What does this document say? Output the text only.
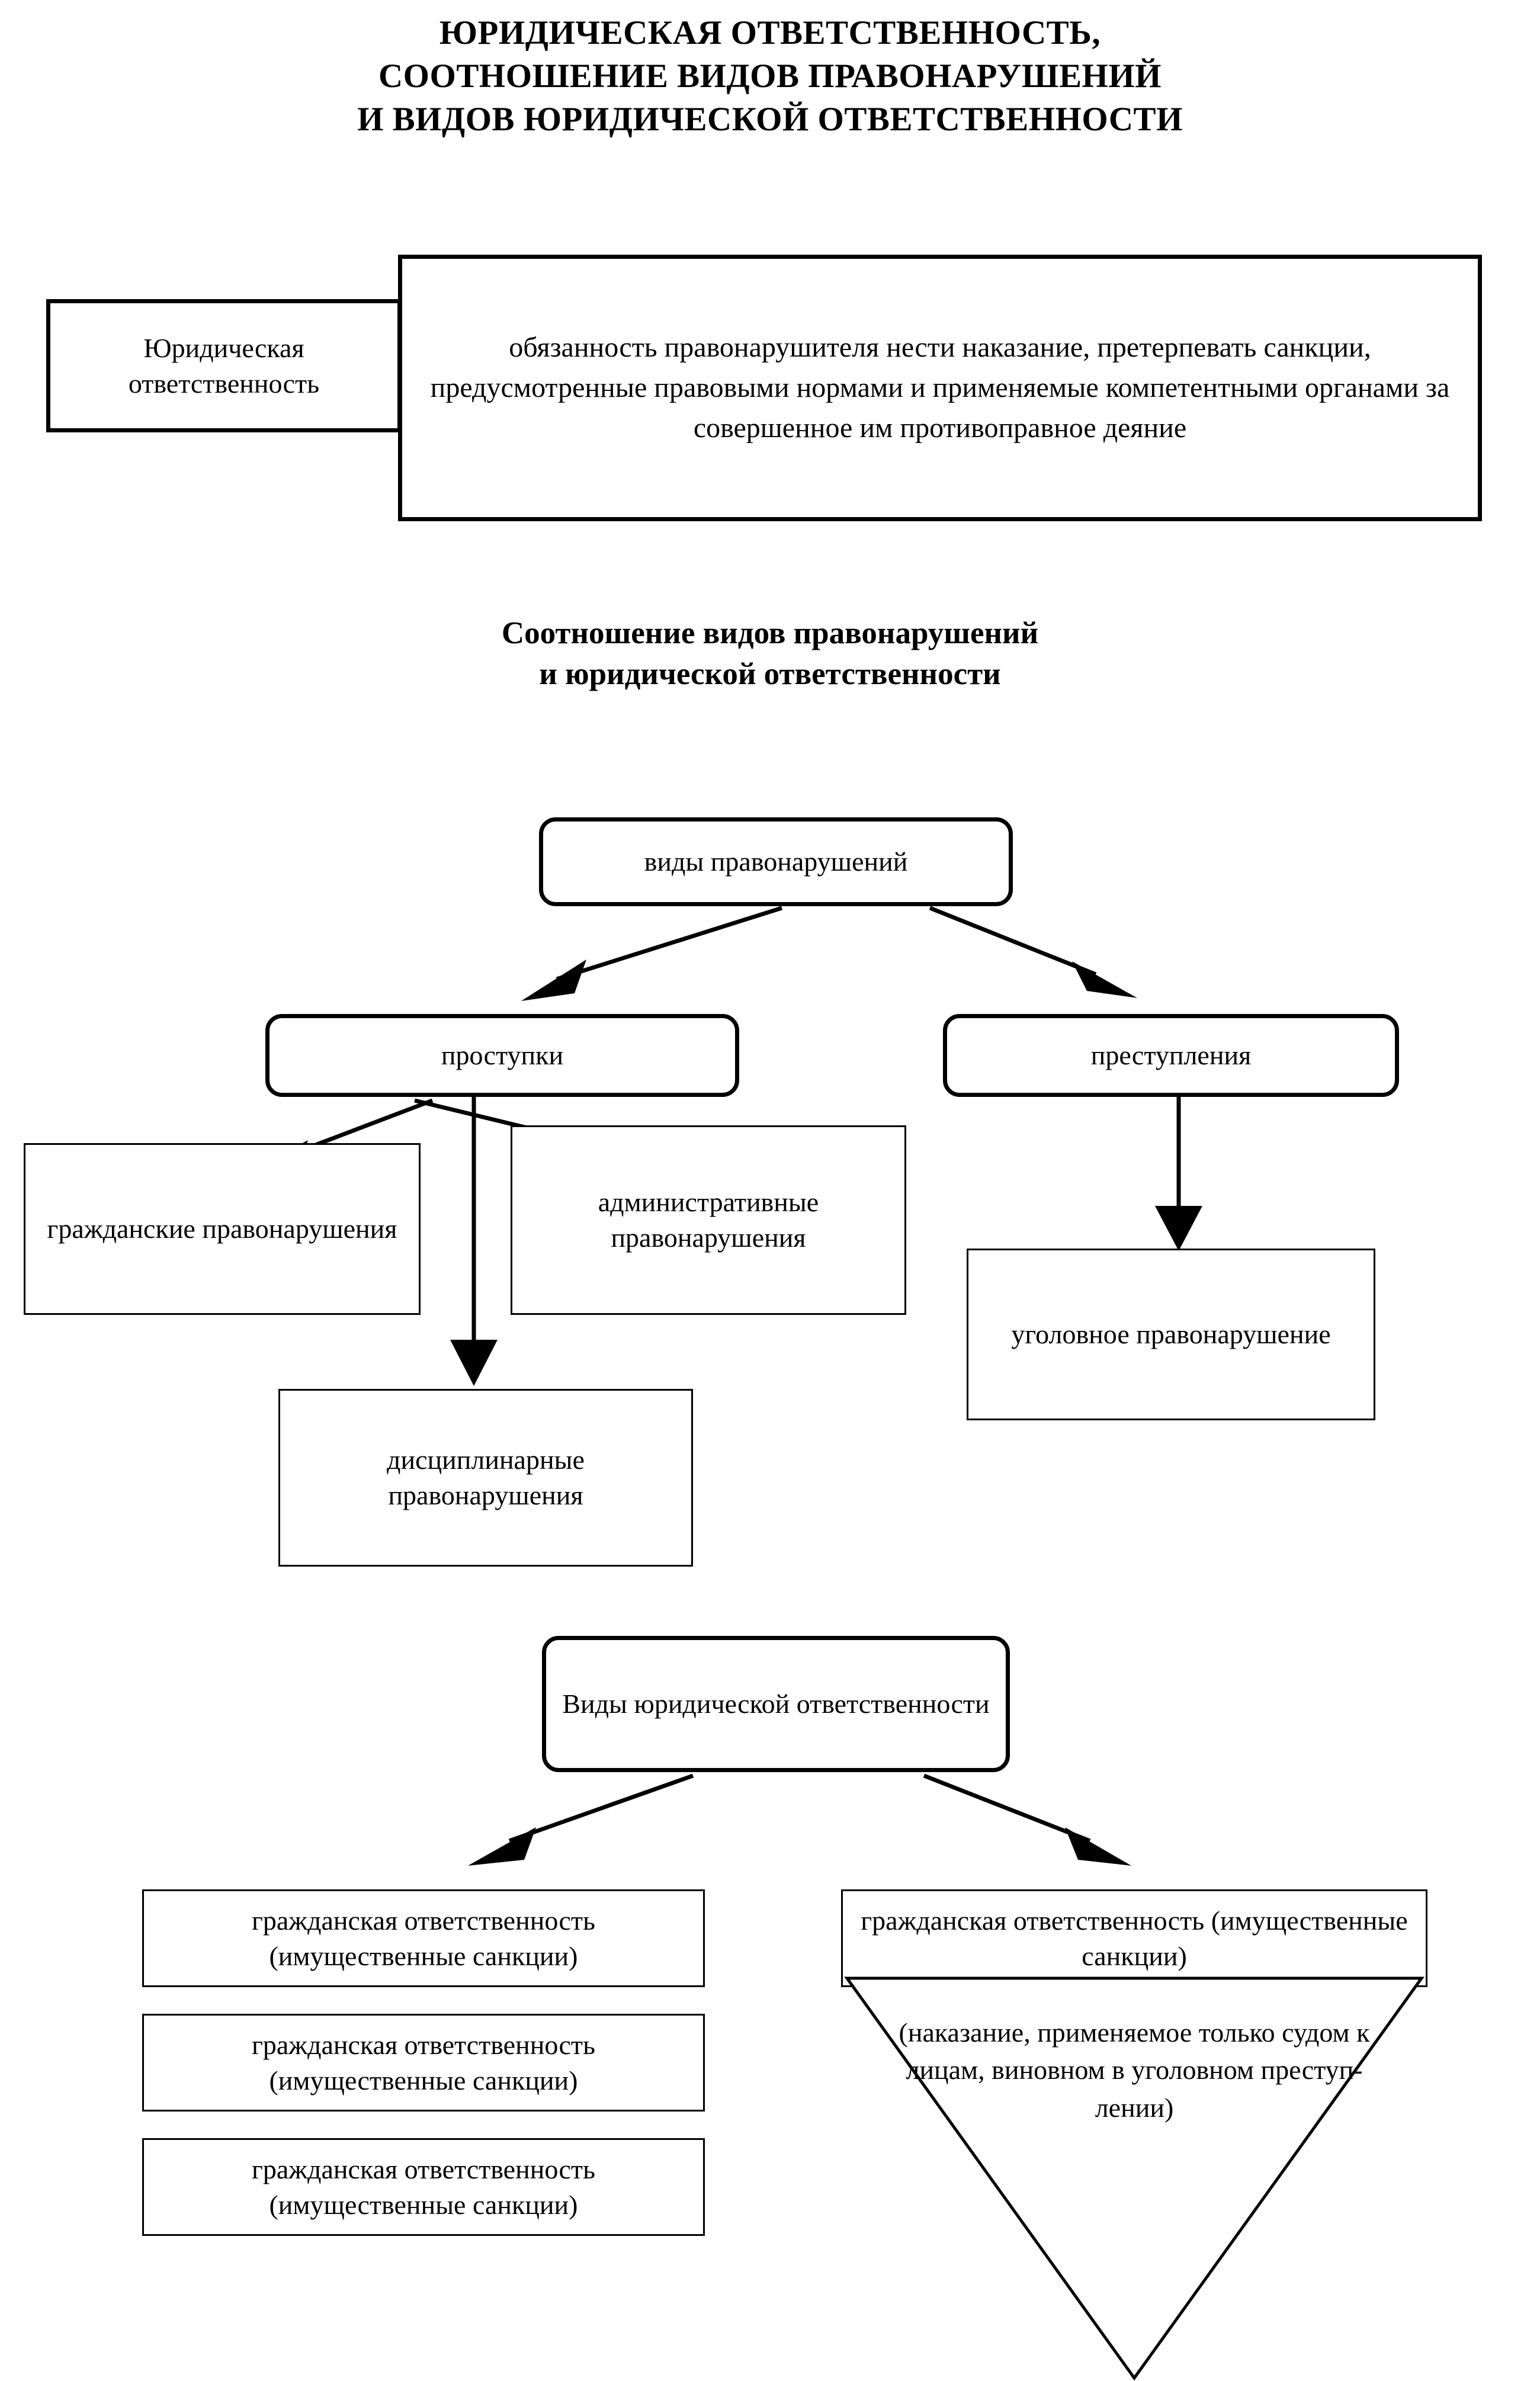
ЮРИДИЧЕСКАЯ ОТВЕТСТВЕННОСТЬ,
СООТНОШЕНИЕ ВИДОВ ПРАВОНАРУШЕНИЙ
И ВИДОВ ЮРИДИЧЕСКОЙ ОТВЕТСТВЕННОСТИ
Юридическая ответственность
обязанность правонарушителя нести наказание, претерпевать санкции, предусмотренные правовыми нормами и применяемые компетентными органами за совершенное им противоправное деяние
Соотношение видов правонарушений
и юридической ответственности
виды правонарушений
проступки	преступления
гражданские правонарушения
административные правонарушения
дисциплинарные правонарушения
уголовное правонарушение
Виды юридической ответственности
гражданская ответственность (имущественные санкции)
гражданская ответственность (имущественные санкции)
гражданская ответственность (имущественные санкции)
гражданская ответственность (имущественные санкции)
(наказание, применяемое только судом к лицам, виновном в уголовном преступ-лении)
